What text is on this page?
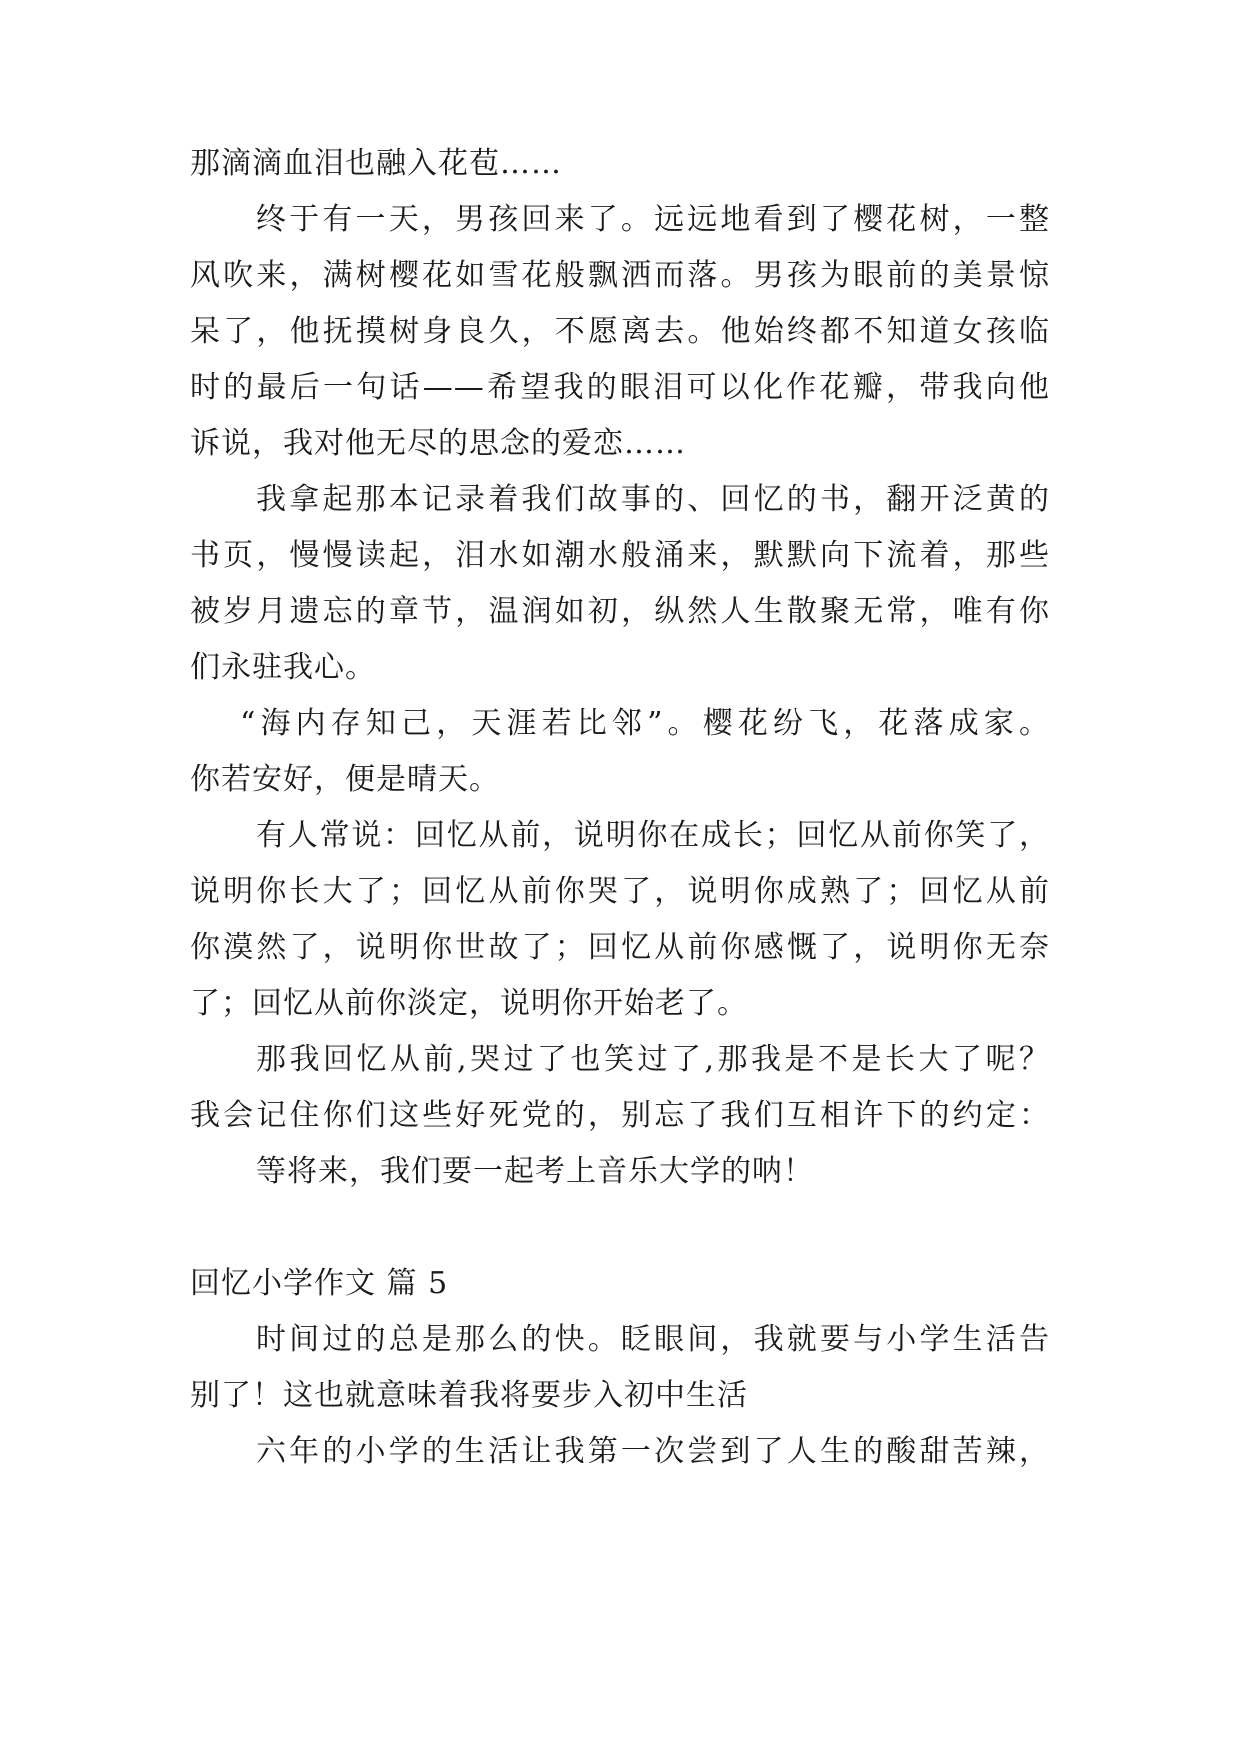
那滴滴血泪也融入花苞……
终于有一天，男孩回来了。远远地看到了樱花树，一整
风吹来，满树樱花如雪花般飘洒而落。男孩为眼前的美景惊
呆了，他抚摸树身良久，不愿离去。他始终都不知道女孩临
时的最后一句话——希望我的眼泪可以化作花瓣，带我向他
诉说，我对他无尽的思念的爱恋……
我拿起那本记录着我们故事的、回忆的书，翻开泛黄的
书页，慢慢读起，泪水如潮水般涌来，默默向下流着，那些
被岁月遗忘的章节，温润如初，纵然人生散聚无常，唯有你
们永驻我心。
“海内存知己，天涯若比邻”。樱花纷飞，花落成家。
你若安好，便是晴天。
有人常说：回忆从前，说明你在成长；回忆从前你笑了，
说明你长大了；回忆从前你哭了，说明你成熟了；回忆从前
你漠然了，说明你世故了；回忆从前你感慨了，说明你无奈
了；回忆从前你淡定，说明你开始老了。
那我回忆从前,哭过了也笑过了,那我是不是长大了呢？
我会记住你们这些好死党的，别忘了我们互相许下的约定：
等将来，我们要一起考上音乐大学的呐！
回忆小学作文 篇 5
时间过的总是那么的快。眨眼间，我就要与小学生活告
别了！这也就意味着我将要步入初中生活
六年的小学的生活让我第一次尝到了人生的酸甜苦辣，
